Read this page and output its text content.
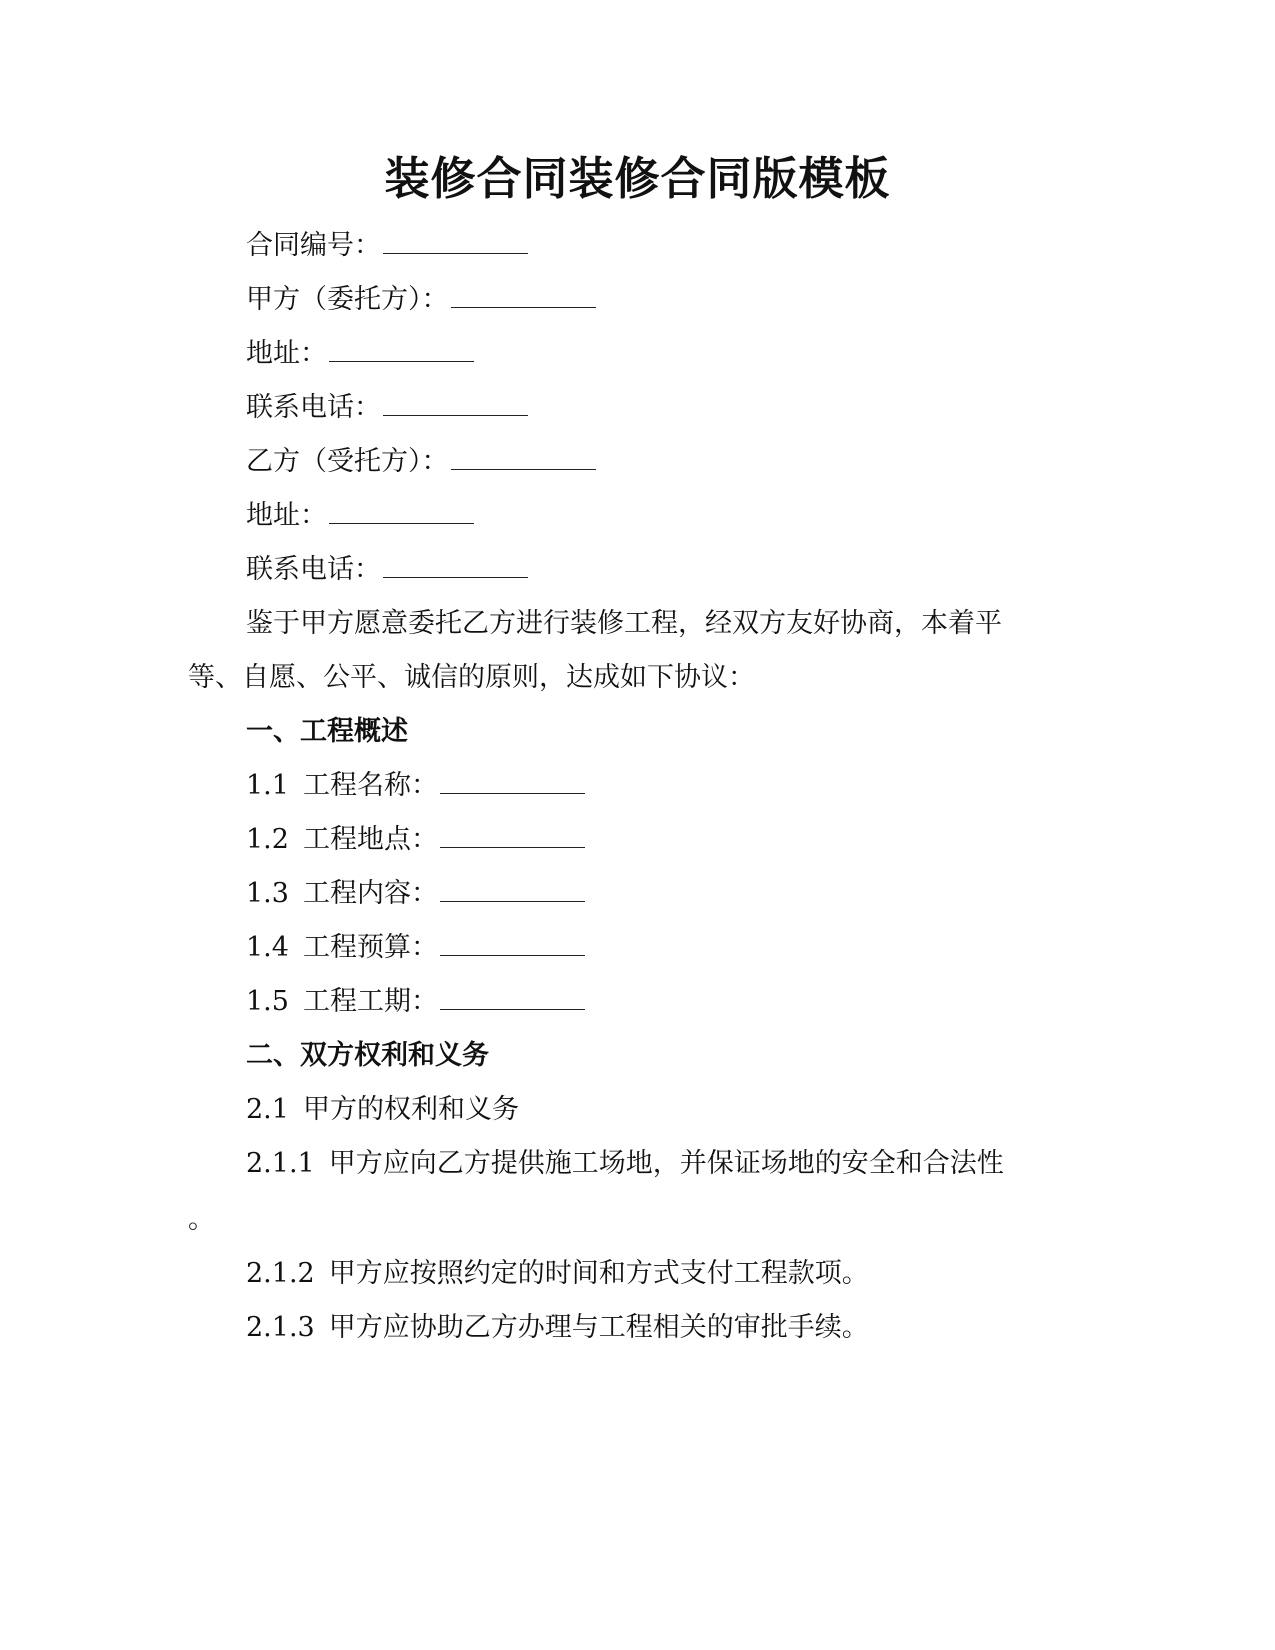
装修合同装修合同版模板
合同编号：
甲方（委托方）：
地址：
联系电话：
乙方（受托方）：
地址：
联系电话：
鉴于甲方愿意委托乙方进行装修工程，经双方友好协商，本着平
等、自愿、公平、诚信的原则，达成如下协议：
一、工程概述
1.1 工程名称：
1.2 工程地点：
1.3 工程内容：
1.4 工程预算：
1.5 工程工期：
二、双方权利和义务
2.1 甲方的权利和义务
2.1.1 甲方应向乙方提供施工场地，并保证场地的安全和合法性
。
2.1.2 甲方应按照约定的时间和方式支付工程款项。
2.1.3 甲方应协助乙方办理与工程相关的审批手续。
